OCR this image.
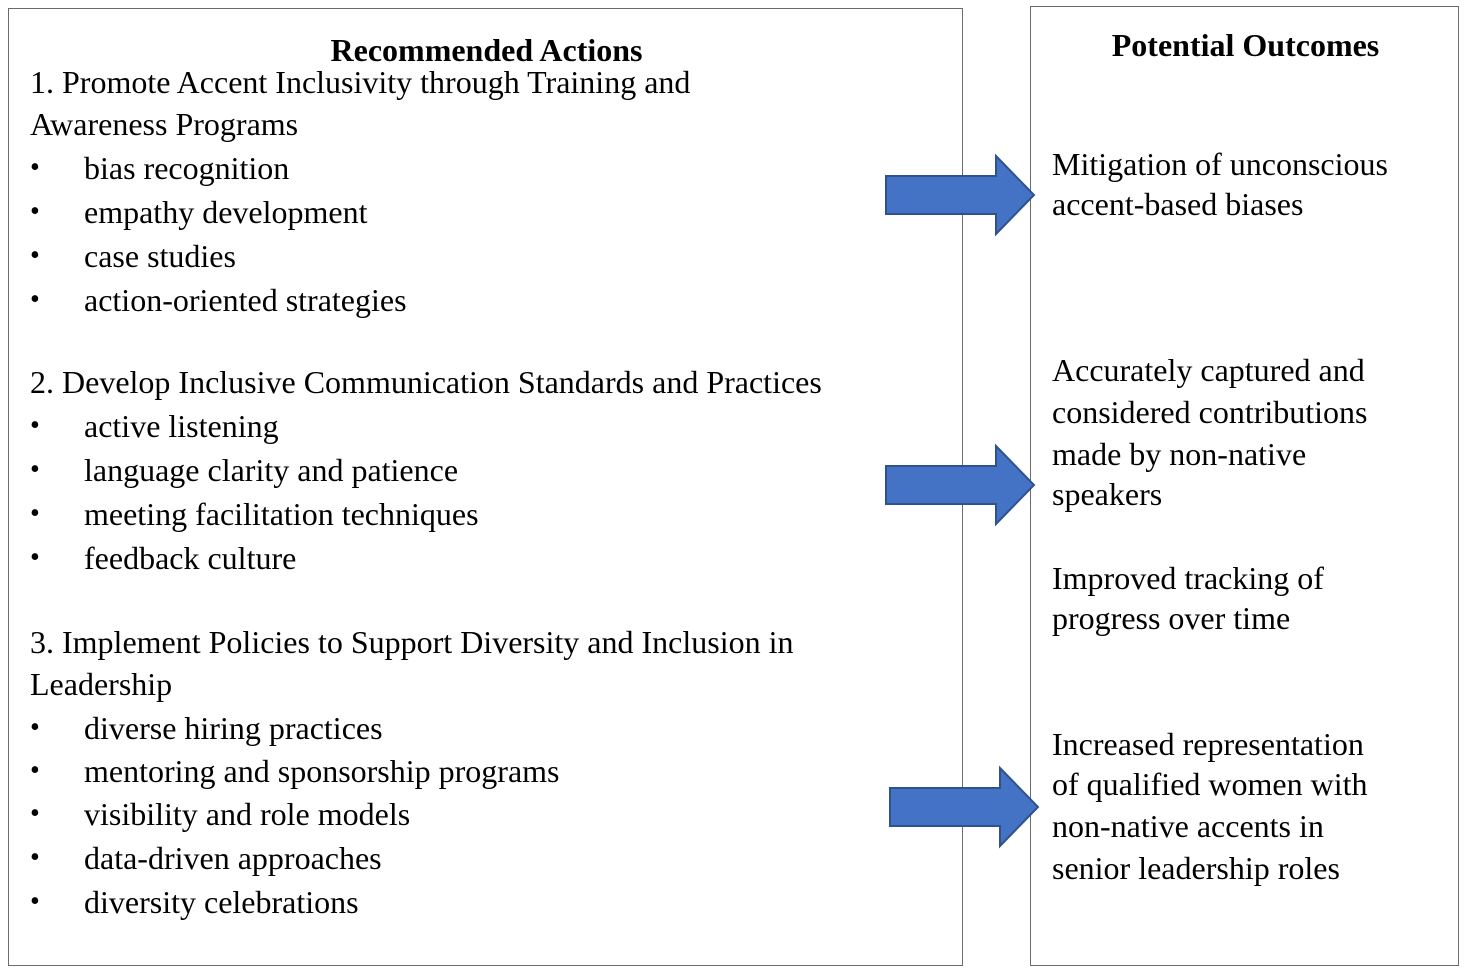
Recommended Actions	Potential Outcomes
1. Promote Accent Inclusivity through Training and
Awareness Programs
•	bias recognition
•	empathy development
•	case studies
•	action-oriented strategies
2. Develop Inclusive Communication Standards and Practices
•	active listening
•	language clarity and patience
•	meeting facilitation techniques
•	feedback culture
3. Implement Policies to Support Diversity and Inclusion in
Leadership
•	diverse hiring practices
•	mentoring and sponsorship programs
•	visibility and role models
•	data-driven approaches
•	diversity celebrations
Mitigation of unconscious
accent-based biases
Accurately captured and
considered contributions
made by non-native
speakers
Improved tracking of
progress over time
Increased representation
of qualified women with
non-native accents in
senior leadership roles
